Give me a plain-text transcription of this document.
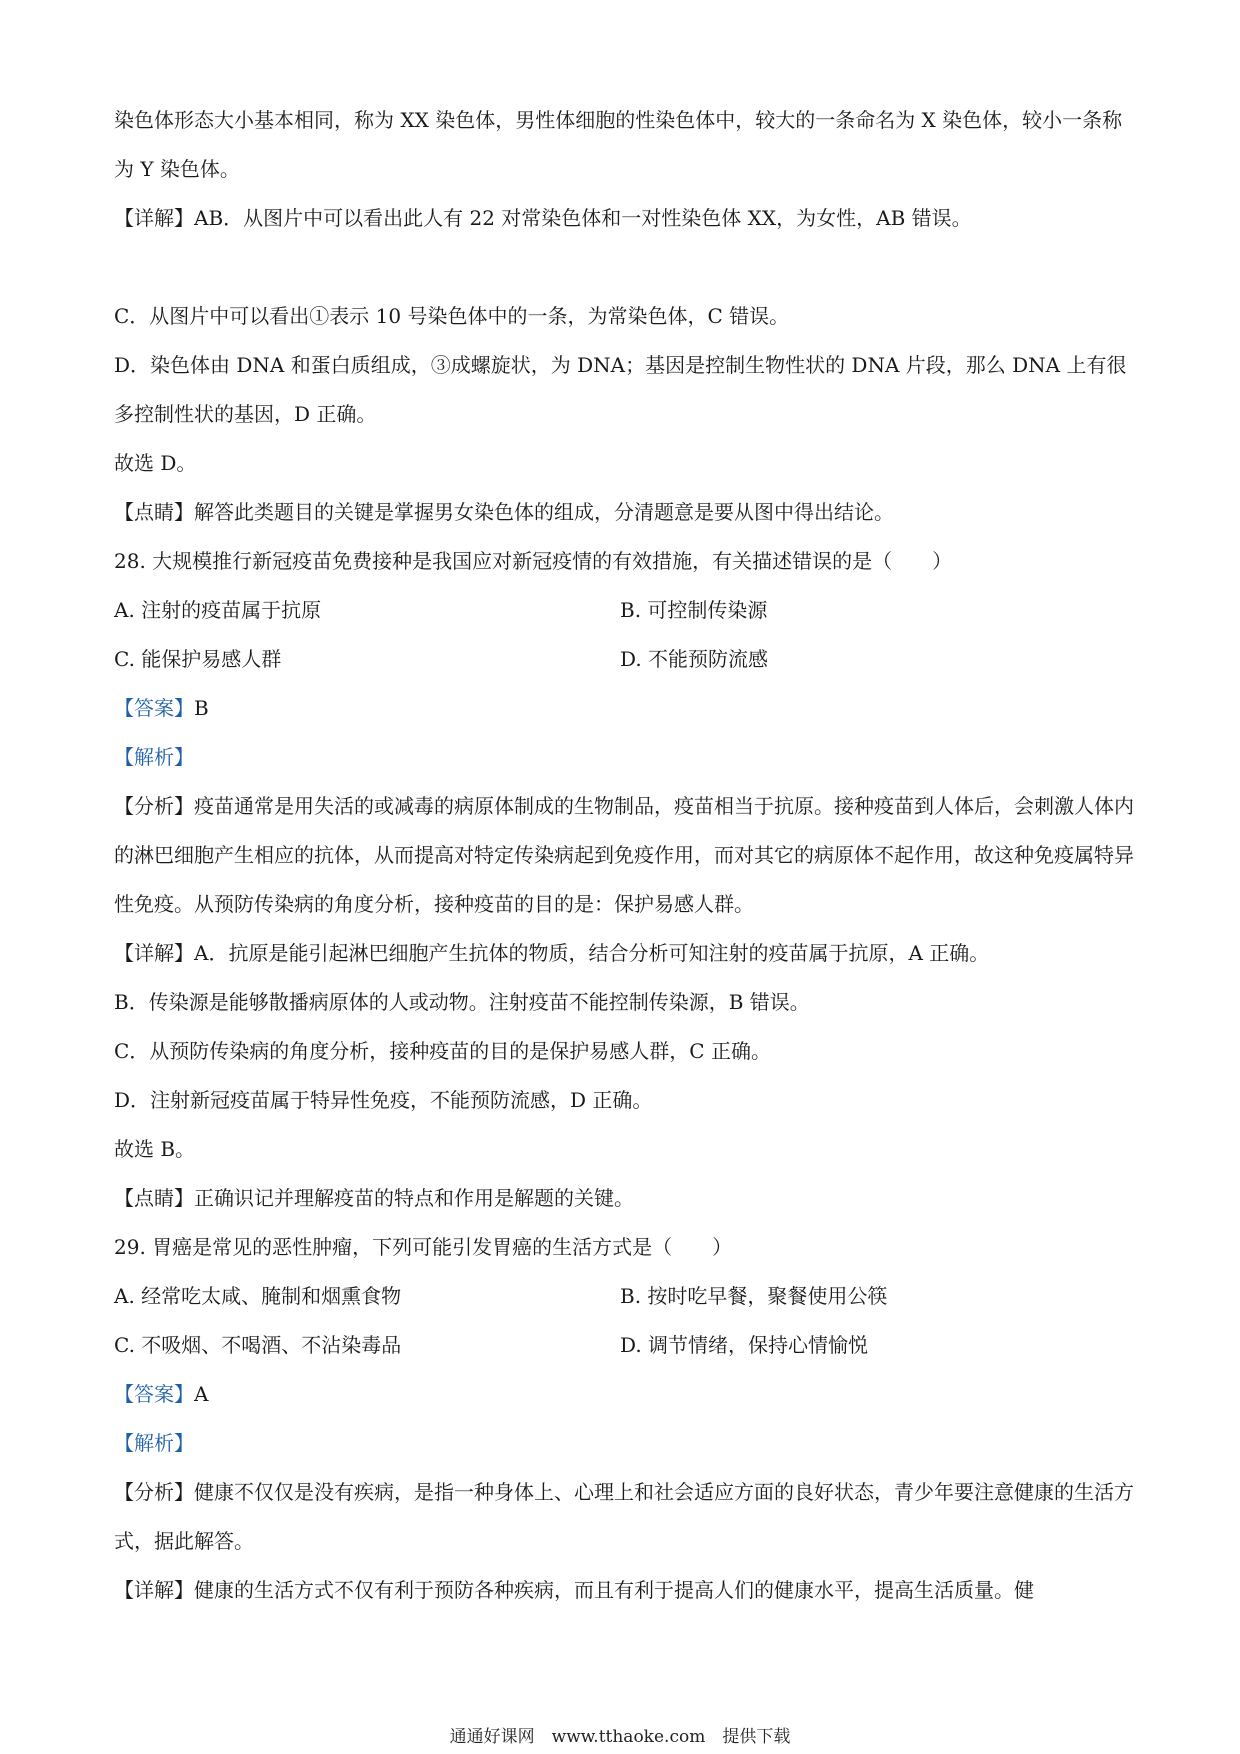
染色体形态大小基本相同，称为 XX 染色体，男性体细胞的性染色体中，较大的一条命名为 X 染色体，较小一条称为 Y 染色体。

【详解】AB．从图片中可以看出此人有 22 对常染色体和一对性染色体 XX，为女性，AB 错误。

C．从图片中可以看出①表示 10 号染色体中的一条，为常染色体，C 错误。

D．染色体由 DNA 和蛋白质组成，③成螺旋状，为 DNA；基因是控制生物性状的 DNA 片段，那么 DNA 上有很多控制性状的基因，D 正确。

故选 D。

【点睛】解答此类题目的关键是掌握男女染色体的组成，分清题意是要从图中得出结论。

28. 大规模推行新冠疫苗免费接种是我国应对新冠疫情的有效措施，有关描述错误的是（　　）

A. 注射的疫苗属于抗原	B. 可控制传染源

C. 能保护易感人群	D. 不能预防流感

【答案】B

【解析】

【分析】疫苗通常是用失活的或减毒的病原体制成的生物制品，疫苗相当于抗原。接种疫苗到人体后，会刺激人体内的淋巴细胞产生相应的抗体，从而提高对特定传染病起到免疫作用，而对其它的病原体不起作用，故这种免疫属特异性免疫。从预防传染病的角度分析，接种疫苗的目的是：保护易感人群。

【详解】A．抗原是能引起淋巴细胞产生抗体的物质，结合分析可知注射的疫苗属于抗原，A 正确。

B．传染源是能够散播病原体的人或动物。注射疫苗不能控制传染源，B 错误。

C．从预防传染病的角度分析，接种疫苗的目的是保护易感人群，C 正确。

D．注射新冠疫苗属于特异性免疫，不能预防流感，D 正确。

故选 B。

【点睛】正确识记并理解疫苗的特点和作用是解题的关键。

29. 胃癌是常见的恶性肿瘤，下列可能引发胃癌的生活方式是（　　）

A. 经常吃太咸、腌制和烟熏食物	B. 按时吃早餐，聚餐使用公筷

C. 不吸烟、不喝酒、不沾染毒品	D. 调节情绪，保持心情愉悦

【答案】A

【解析】

【分析】健康不仅仅是没有疾病，是指一种身体上、心理上和社会适应方面的良好状态，青少年要注意健康的生活方式，据此解答。

【详解】健康的生活方式不仅有利于预防各种疾病，而且有利于提高人们的健康水平，提高生活质量。健

通通好课网　www.tthaoke.com　提供下载
